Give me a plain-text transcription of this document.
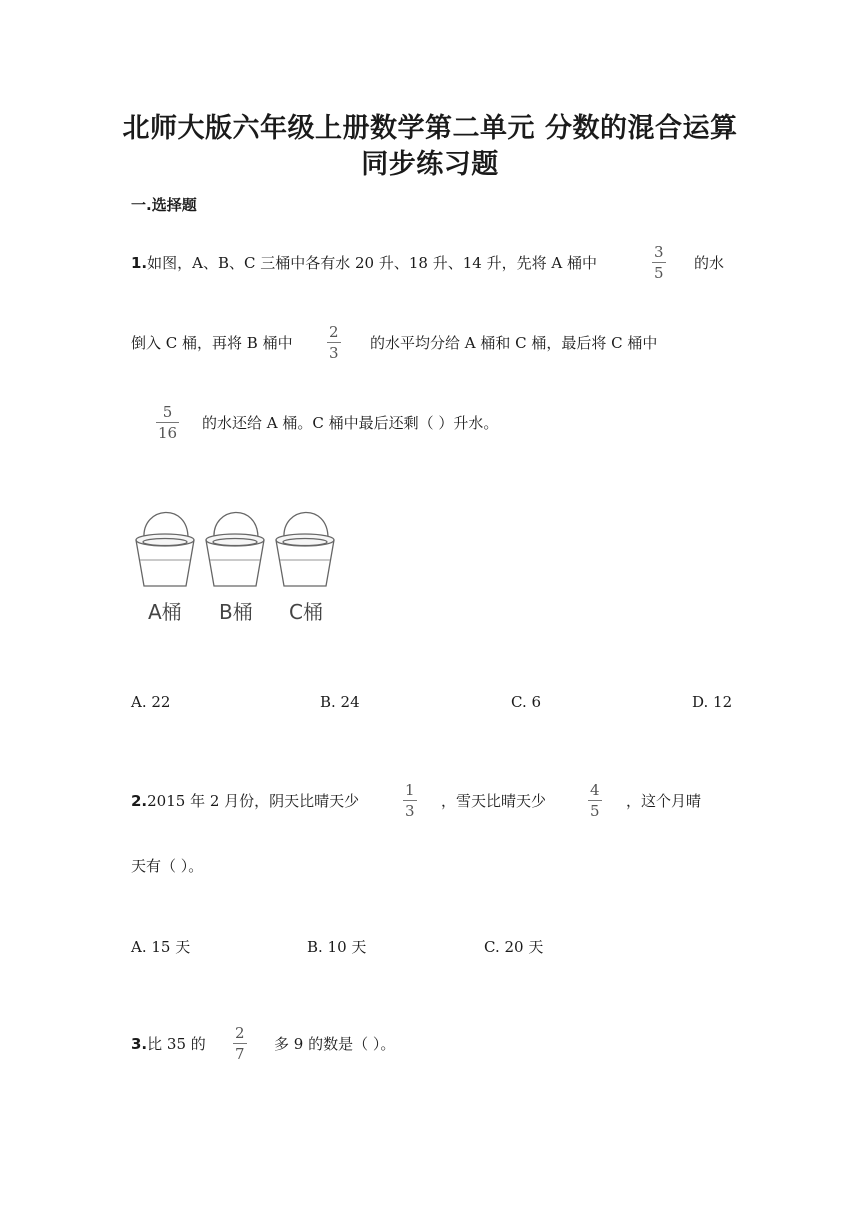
北师大版六年级上册数学第二单元 分数的混合运算
同步练习题
一.选择题
1.如图，A、B、C 三桶中各有水 20 升、18 升、14 升，先将 A 桶中
3
5
的水
倒入 C 桶，再将 B 桶中
2
3
的水平均分给 A 桶和 C 桶，最后将 C 桶中
5
16
的水还给 A 桶。C 桶中最后还剩（ ）升水。
A桶 B桶 C桶
A. 22	B. 24	C. 6	D. 12
2.2015 年 2 月份，阴天比晴天少
1
3
，雪天比晴天少
4
5
，这个月晴
天有（ ）。
A. 15 天	B. 10 天	C. 20 天
3.比 35 的
2
7
多 9 的数是（ ）。
